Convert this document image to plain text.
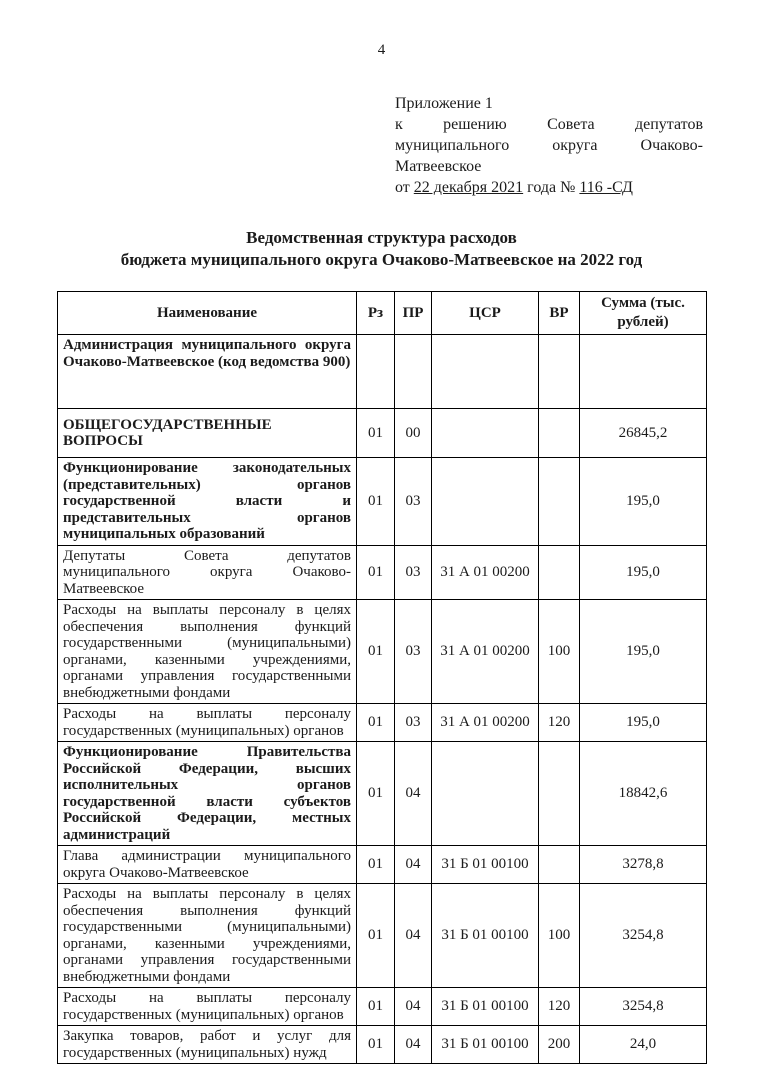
4
Приложение 1
к решению Совета депутатов
муниципального округа Очаково-
Матвеевское
от 22 декабря 2021 года № 116 -СД
Ведомственная структура расходов
бюджета муниципального округа Очаково-Матвеевское на 2022 год
Наименование	Рз	ПР	ЦСР	ВР	Сумма (тыс. рублей)
Администрация муниципального округа Очаково-Матвеевское (код ведомства 900)					
ОБЩЕГОСУДАРСТВЕННЫЕ ВОПРОСЫ	01	00			26845,2
Функционирование законодательных (представительных) органов государственной власти и представительных органов муниципальных образований	01	03			195,0
Депутаты Совета депутатов муниципального округа Очаково-Матвеевское	01	03	31 А 01 00200		195,0
Расходы на выплаты персоналу в целях обеспечения выполнения функций государственными (муниципальными) органами, казенными учреждениями, органами управления государственными внебюджетными фондами	01	03	31 А 01 00200	100	195,0
Расходы на выплаты персоналу государственных (муниципальных) органов	01	03	31 А 01 00200	120	195,0
Функционирование Правительства Российской Федерации, высших исполнительных органов государственной власти субъектов Российской Федерации, местных администраций	01	04			18842,6
Глава администрации муниципального округа Очаково-Матвеевское	01	04	31 Б 01 00100		3278,8
Расходы на выплаты персоналу в целях обеспечения выполнения функций государственными (муниципальными) органами, казенными учреждениями, органами управления государственными внебюджетными фондами	01	04	31 Б 01 00100	100	3254,8
Расходы на выплаты персоналу государственных (муниципальных) органов	01	04	31 Б 01 00100	120	3254,8
Закупка товаров, работ и услуг для государственных (муниципальных) нужд	01	04	31 Б 01 00100	200	24,0
